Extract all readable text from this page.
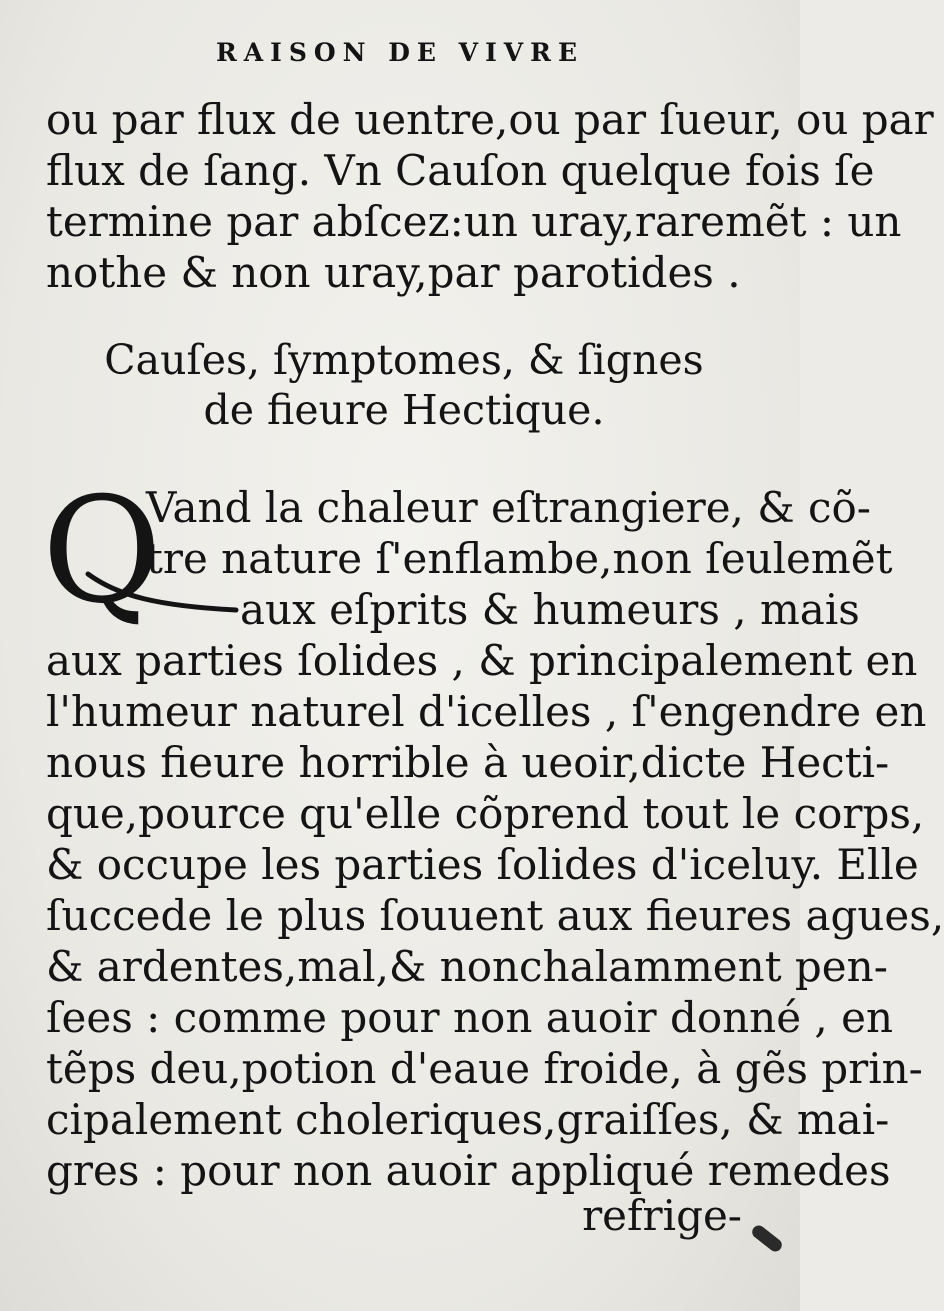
RAISON DE VIVRE
ou par flux de uentre,ou par ſueur, ou par
flux de ſang. Vn Cauſon quelque fois ſe
termine par abſcez:un uray,raremẽt : un
nothe & non uray,par parotides .
Cauſes, ſymptomes, & ſignes
de fieure Hectique.
Q
Vand la chaleur eſtrangiere, & cõ-
tre nature ſ'enflambe,non ſeulemẽt
aux eſprits & humeurs , mais
aux parties ſolides , & principalement en
l'humeur naturel d'icelles , ſ'engendre en
nous fieure horrible à ueoir,dicte Hecti-
que,pource qu'elle cõprend tout le corps,
& occupe les parties ſolides d'iceluy. Elle
ſuccede le plus ſouuent aux fieures agues,
& ardentes,mal,& nonchalamment pen-
ſees : comme pour non auoir donné , en
tẽps deu,potion d'eaue froide, à gẽs prin-
cipalement choleriques,graiſſes, & mai-
gres : pour non auoir appliqué remedes
refrige-
